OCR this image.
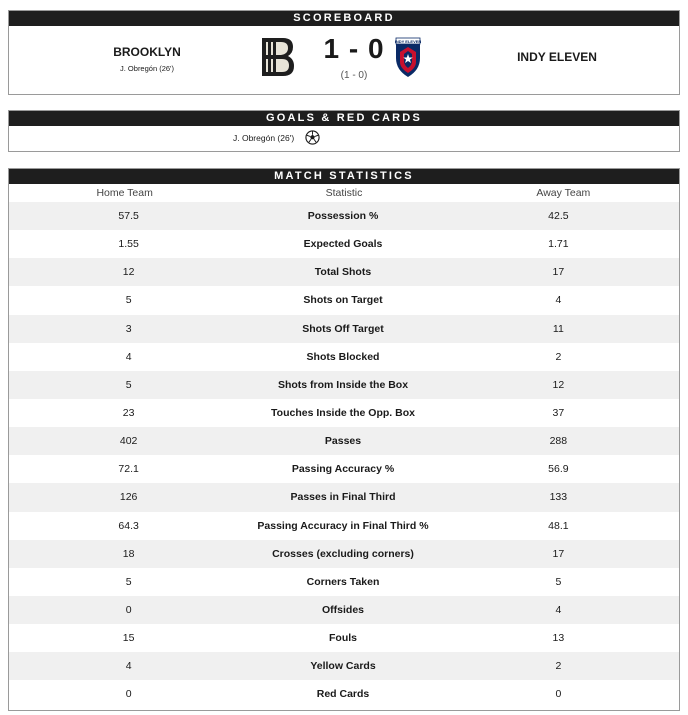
SCOREBOARD
BROOKLYN
J. Obregón (26')
1 - 0
(1 - 0)
INDY ELEVEN
INDY ELEVEN
GOALS & RED CARDS
J. Obregón (26')
MATCH STATISTICS
Home Team	Statistic	Away Team
57.5	Possession %	42.5
1.55	Expected Goals	1.71
12	Total Shots	17
5	Shots on Target	4
3	Shots Off Target	11
4	Shots Blocked	2
5	Shots from Inside the Box	12
23	Touches Inside the Opp. Box	37
402	Passes	288
72.1	Passing Accuracy %	56.9
126	Passes in Final Third	133
64.3	Passing Accuracy in Final Third %	48.1
18	Crosses (excluding corners)	17
5	Corners Taken	5
0	Offsides	4
15	Fouls	13
4	Yellow Cards	2
0	Red Cards	0
